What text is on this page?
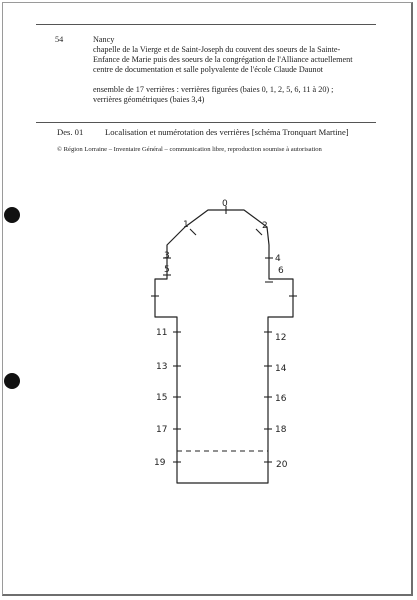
54	Nancy
chapelle de la Vierge et de Saint-Joseph du couvent des soeurs de la Sainte-
Enfance de Marie puis des soeurs de la congrégation de l'Alliance actuellement
centre de documentation et salle polyvalente de l'école Claude Daunot
ensemble de 17 verrières : verrières figurées (baies 0, 1, 2, 5, 6, 11 à 20) ;
verrières géométriques (baies 3,4)
Des. 01	Localisation et numérotation des verrières [schéma Tronquart Martine]
© Région Lorraine – Inventaire Général – communication libre, reproduction soumise à autorisation
0
1	2
3	4
5	6
11	12
13	14
15	16
17	18
19	20
